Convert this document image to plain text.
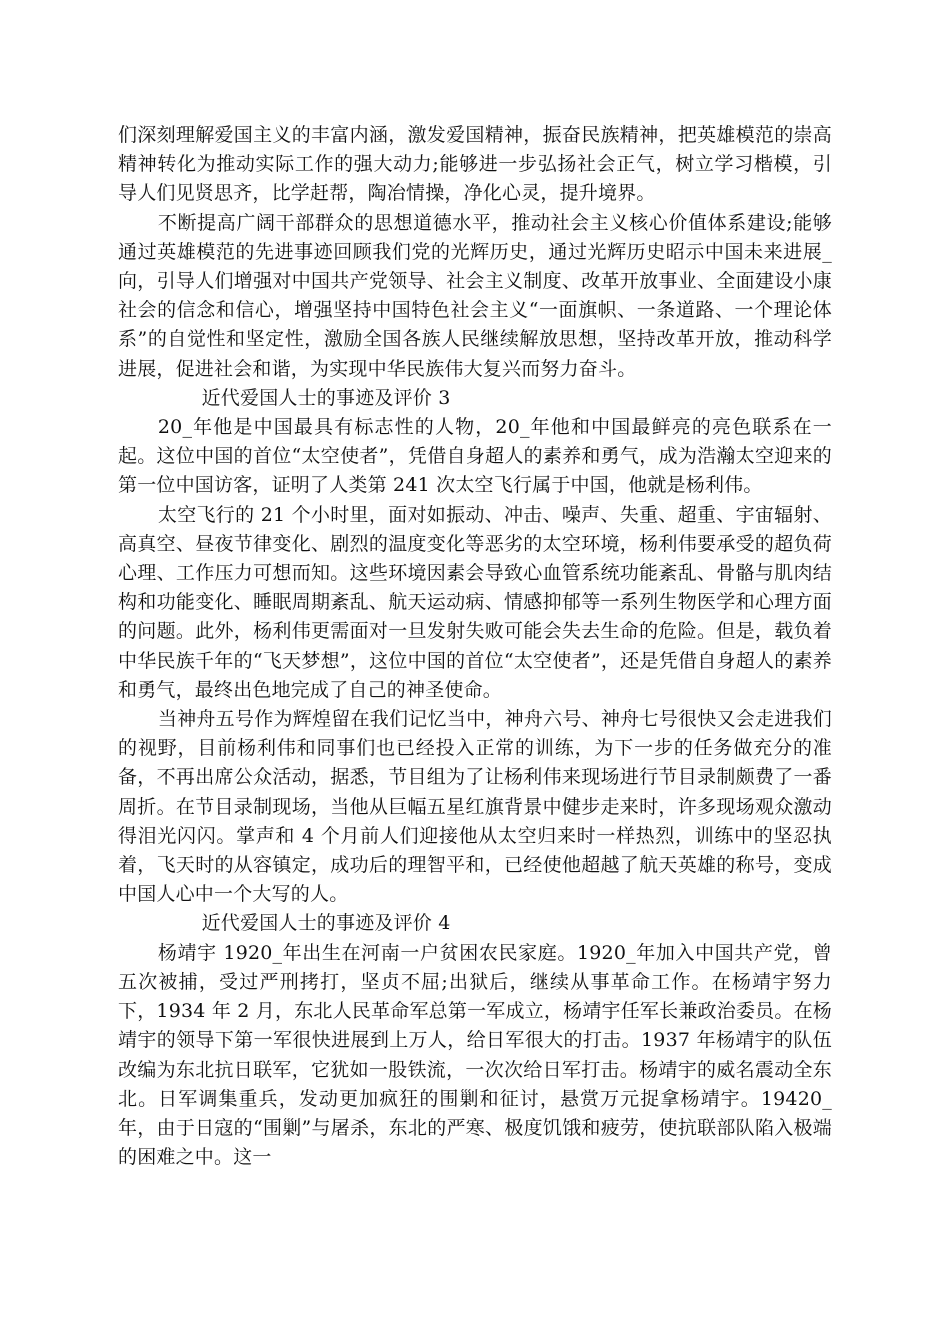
们深刻理解爱国主义的丰富内涵，激发爱国精神，振奋民族精神，把英雄模范的崇高精神转化为推动实际工作的强大动力;能够进一步弘扬社会正气，树立学习楷模，引导人们见贤思齐，比学赶帮，陶冶情操，净化心灵，提升境界。

不断提高广阔干部群众的思想道德水平，推动社会主义核心价值体系建设;能够通过英雄模范的先进事迹回顾我们党的光辉历史，通过光辉历史昭示中国未来进展_向，引导人们增强对中国共产党领导、社会主义制度、改革开放事业、全面建设小康社会的信念和信心，增强坚持中国特色社会主义“一面旗帜、一条道路、一个理论体系”的自觉性和坚定性，激励全国各族人民继续解放思想，坚持改革开放，推动科学进展，促进社会和谐，为实现中华民族伟大复兴而努力奋斗。

近代爱国人士的事迹及评价 3

20_年他是中国最具有标志性的人物，20_年他和中国最鲜亮的亮色联系在一起。这位中国的首位“太空使者”，凭借自身超人的素养和勇气，成为浩瀚太空迎来的第一位中国访客，证明了人类第 241 次太空飞行属于中国，他就是杨利伟。

太空飞行的 21 个小时里，面对如振动、冲击、噪声、失重、超重、宇宙辐射、高真空、昼夜节律变化、剧烈的温度变化等恶劣的太空环境，杨利伟要承受的超负荷心理、工作压力可想而知。这些环境因素会导致心血管系统功能紊乱、骨骼与肌肉结构和功能变化、睡眠周期紊乱、航天运动病、情感抑郁等一系列生物医学和心理方面的问题。此外，杨利伟更需面对一旦发射失败可能会失去生命的危险。但是，载负着中华民族千年的“飞天梦想”，这位中国的首位“太空使者”，还是凭借自身超人的素养和勇气，最终出色地完成了自己的神圣使命。

当神舟五号作为辉煌留在我们记忆当中，神舟六号、神舟七号很快又会走进我们的视野，目前杨利伟和同事们也已经投入正常的训练，为下一步的任务做充分的准备，不再出席公众活动，据悉，节目组为了让杨利伟来现场进行节目录制颇费了一番周折。在节目录制现场，当他从巨幅五星红旗背景中健步走来时，许多现场观众激动得泪光闪闪。掌声和 4 个月前人们迎接他从太空归来时一样热烈，训练中的坚忍执着，飞天时的从容镇定，成功后的理智平和，已经使他超越了航天英雄的称号，变成中国人心中一个大写的人。

近代爱国人士的事迹及评价 4

杨靖宇 1920_年出生在河南一户贫困农民家庭。1920_年加入中国共产党，曾五次被捕，受过严刑拷打，坚贞不屈;出狱后，继续从事革命工作。在杨靖宇努力下，1934 年 2 月，东北人民革命军总第一军成立，杨靖宇任军长兼政治委员。在杨靖宇的领导下第一军很快进展到上万人，给日军很大的打击。1937 年杨靖宇的队伍改编为东北抗日联军，它犹如一股铁流，一次次给日军打击。杨靖宇的威名震动全东北。日军调集重兵，发动更加疯狂的围剿和征讨，悬赏万元捉拿杨靖宇。19420_年，由于日寇的“围剿”与屠杀，东北的严寒、极度饥饿和疲劳，使抗联部队陷入极端的困难之中。这一
